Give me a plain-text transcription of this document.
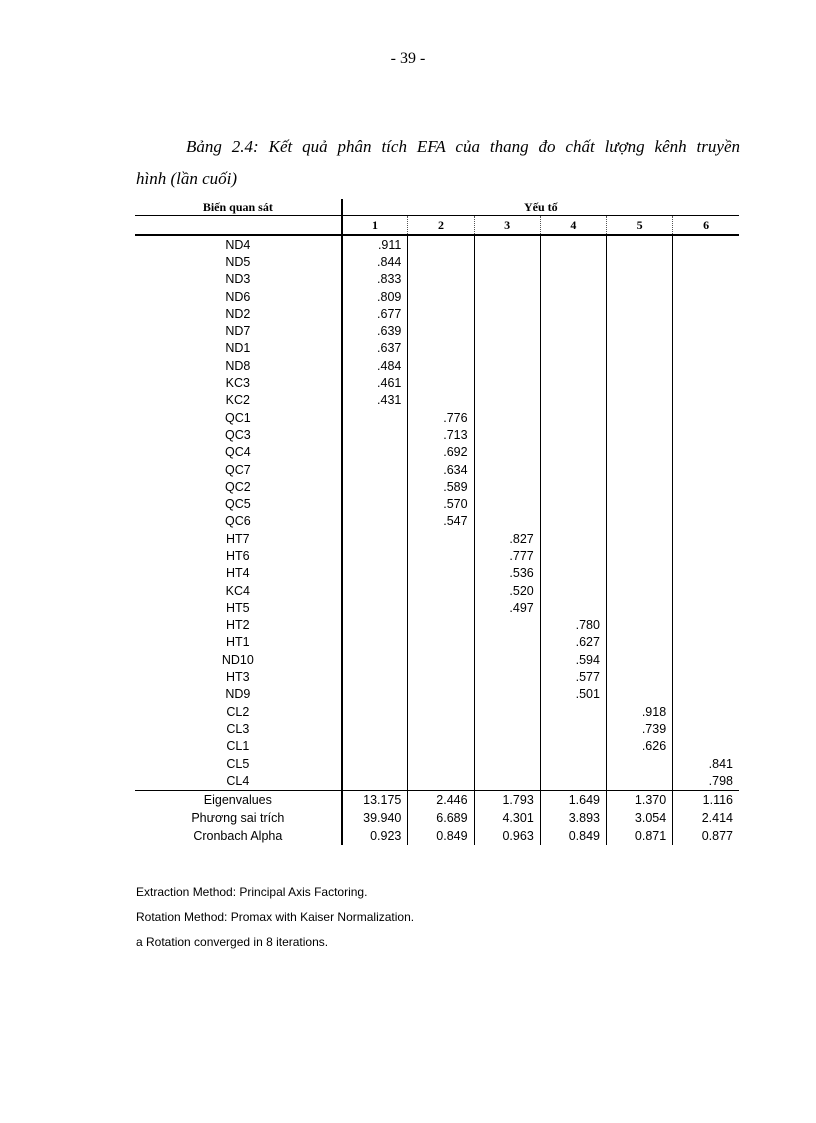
- 39 -
Bảng 2.4: Kết quả phân tích EFA của thang đo chất lượng kênh truyền
hình (lần cuối)
Biến quan sát	Yếu tố					
	1	2	3	4	5	6
ND4	.911					
ND5	.844					
ND3	.833					
ND6	.809					
ND2	.677					
ND7	.639					
ND1	.637					
ND8	.484					
KC3	.461					
KC2	.431					
QC1		.776				
QC3		.713				
QC4		.692				
QC7		.634				
QC2		.589				
QC5		.570				
QC6		.547				
HT7			.827			
HT6			.777			
HT4			.536			
KC4			.520			
HT5			.497			
HT2				.780		
HT1				.627		
ND10				.594		
HT3				.577		
ND9				.501		
CL2					.918	
CL3					.739	
CL1					.626	
CL5						.841
CL4						.798
Eigenvalues	13.175	2.446	1.793	1.649	1.370	1.116
Phương sai trích	39.940	6.689	4.301	3.893	3.054	2.414
Cronbach Alpha	0.923	0.849	0.963	0.849	0.871	0.877
Extraction Method: Principal Axis Factoring.
Rotation Method: Promax with Kaiser Normalization.
a Rotation converged in 8 iterations.
